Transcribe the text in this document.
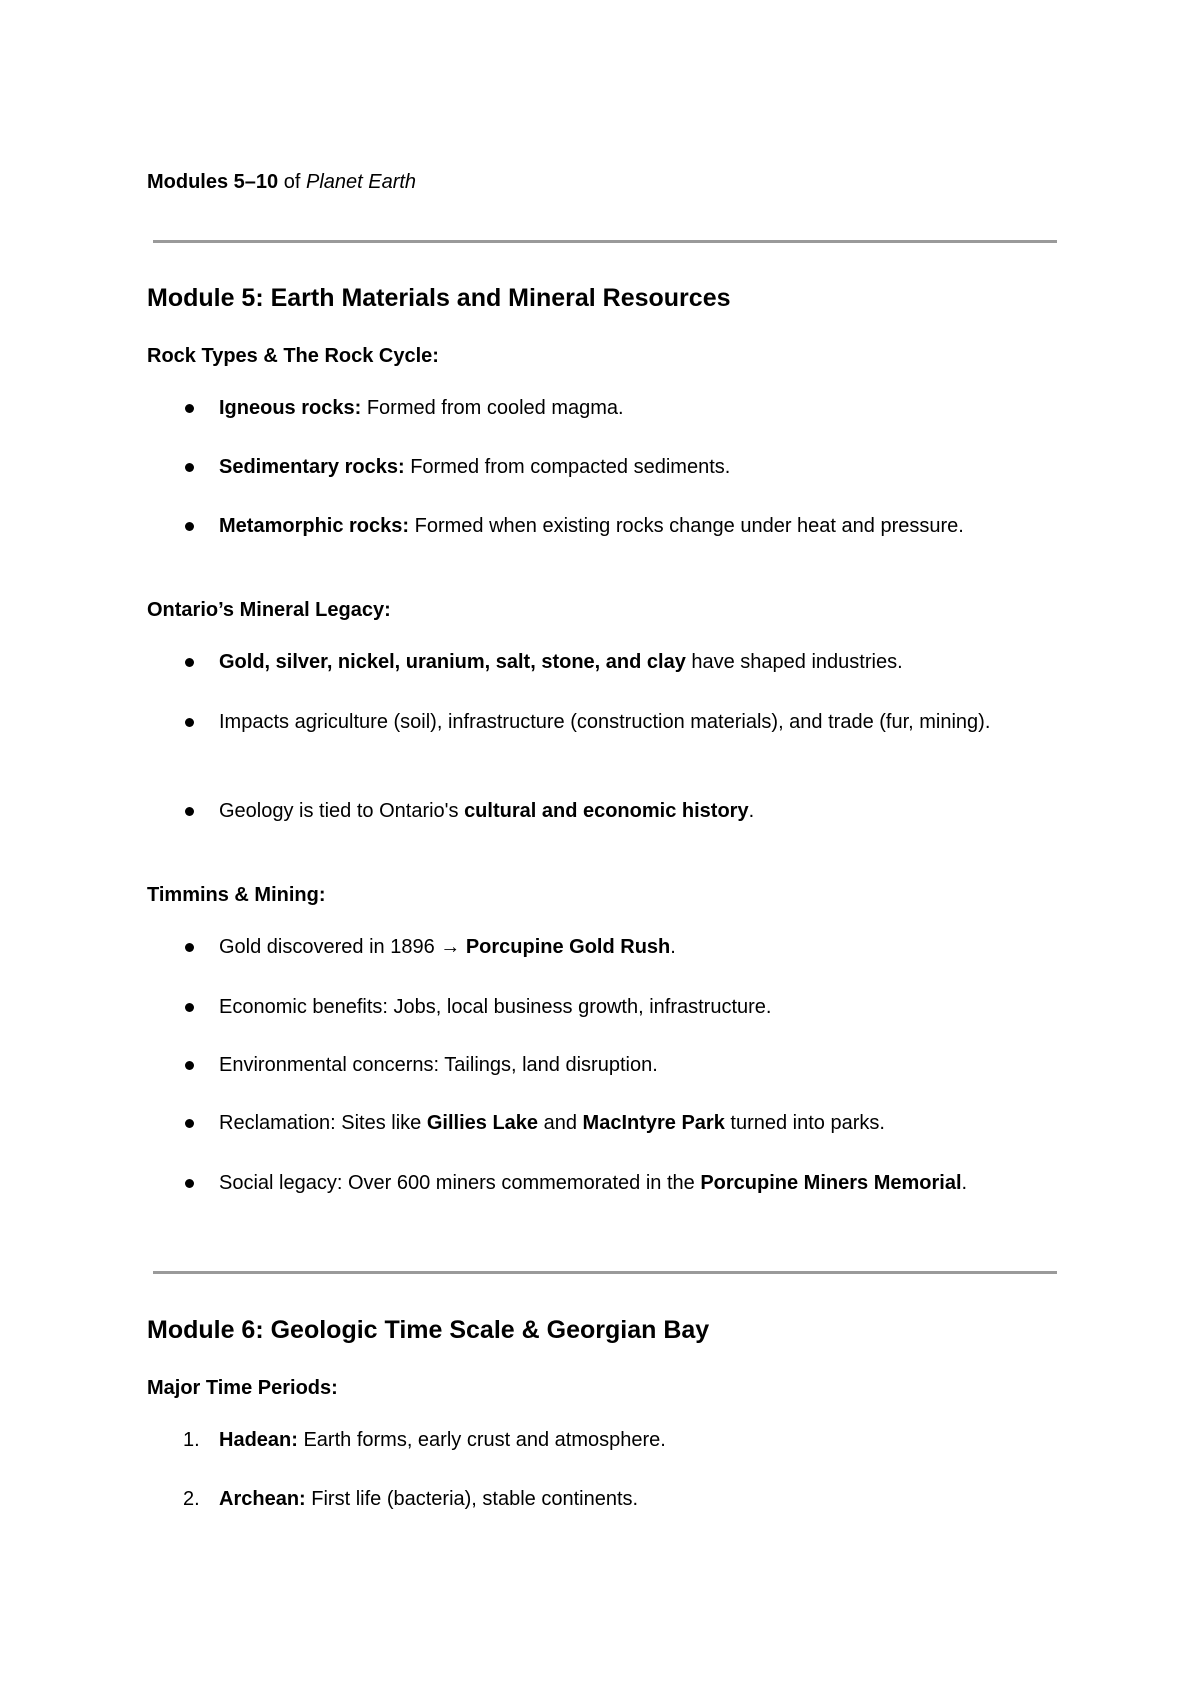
Modules 5–10 of Planet Earth
Module 5: Earth Materials and Mineral Resources
Rock Types & The Rock Cycle:
Igneous rocks: Formed from cooled magma.
Sedimentary rocks: Formed from compacted sediments.
Metamorphic rocks: Formed when existing rocks change under heat and pressure.
Ontario’s Mineral Legacy:
Gold, silver, nickel, uranium, salt, stone, and clay have shaped industries.
Impacts agriculture (soil), infrastructure (construction materials), and trade (fur, mining).
Geology is tied to Ontario's cultural and economic history.
Timmins & Mining:
Gold discovered in 1896 → Porcupine Gold Rush.
Economic benefits: Jobs, local business growth, infrastructure.
Environmental concerns: Tailings, land disruption.
Reclamation: Sites like Gillies Lake and MacIntyre Park turned into parks.
Social legacy: Over 600 miners commemorated in the Porcupine Miners Memorial.
Module 6: Geologic Time Scale & Georgian Bay
Major Time Periods:
1. Hadean: Earth forms, early crust and atmosphere.
2. Archean: First life (bacteria), stable continents.
